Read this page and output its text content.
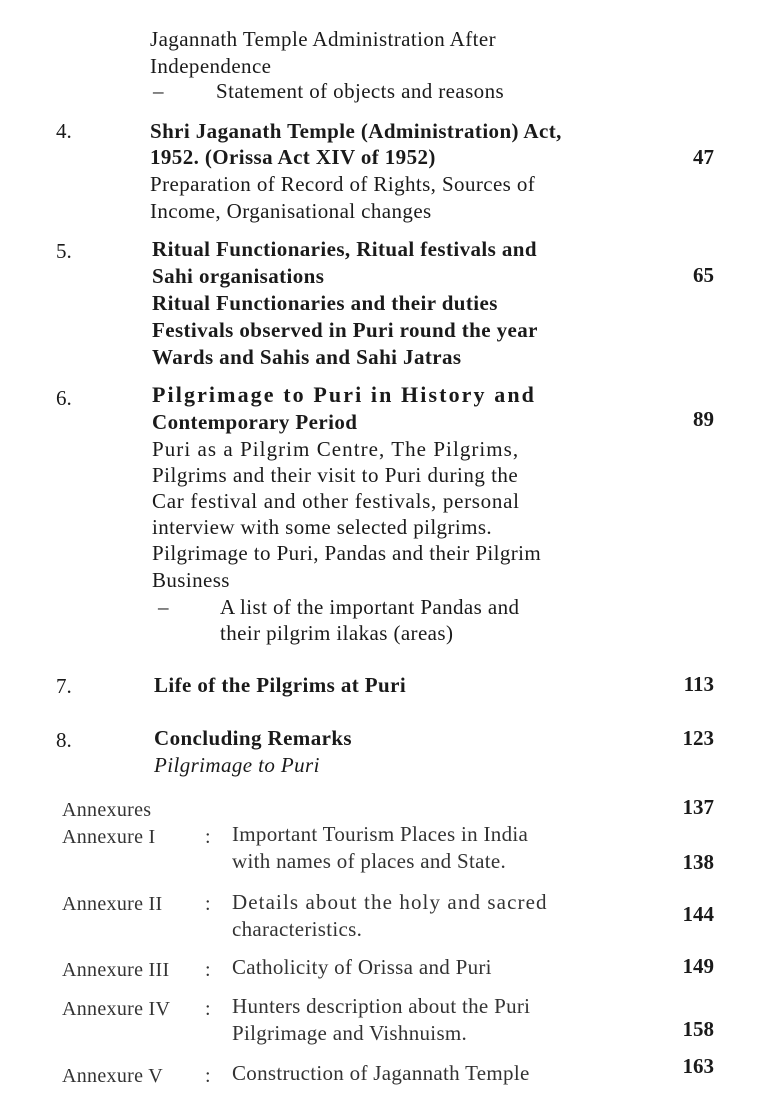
Jagannath Temple Administration After
Independence
– Statement of objects and reasons
4.	Shri Jaganath Temple (Administration) Act,
1952. (Orissa Act XIV of 1952)
Preparation of Record of Rights, Sources of
Income, Organisational changes
47
5.	Ritual Functionaries, Ritual festivals and
Sahi organisations
Ritual Functionaries and their duties
Festivals observed in Puri round the year
Wards and Sahis and Sahi Jatras
65
6.	Pilgrimage to Puri in History and
Contemporary Period
Puri as a Pilgrim Centre, The Pilgrims,
Pilgrims and their visit to Puri during the
Car festival and other festivals, personal
interview with some selected pilgrims.
Pilgrimage to Puri, Pandas and their Pilgrim
Business
– A list of the important Pandas and
their pilgrim ilakas (areas)
89
7.	Life of the Pilgrims at Puri	113
8.	Concluding Remarks
Pilgrimage to Puri
123
Annexures	137
Annexure I : Important Tourism Places in India
with names of places and State.	138
Annexure II : Details about the holy and sacred
characteristics.
144
Annexure III : Catholicity of Orissa and Puri	149
Annexure IV : Hunters description about the Puri
Pilgrimage and Vishnuism.	158
Annexure V : Construction of Jagannath Temple	163
